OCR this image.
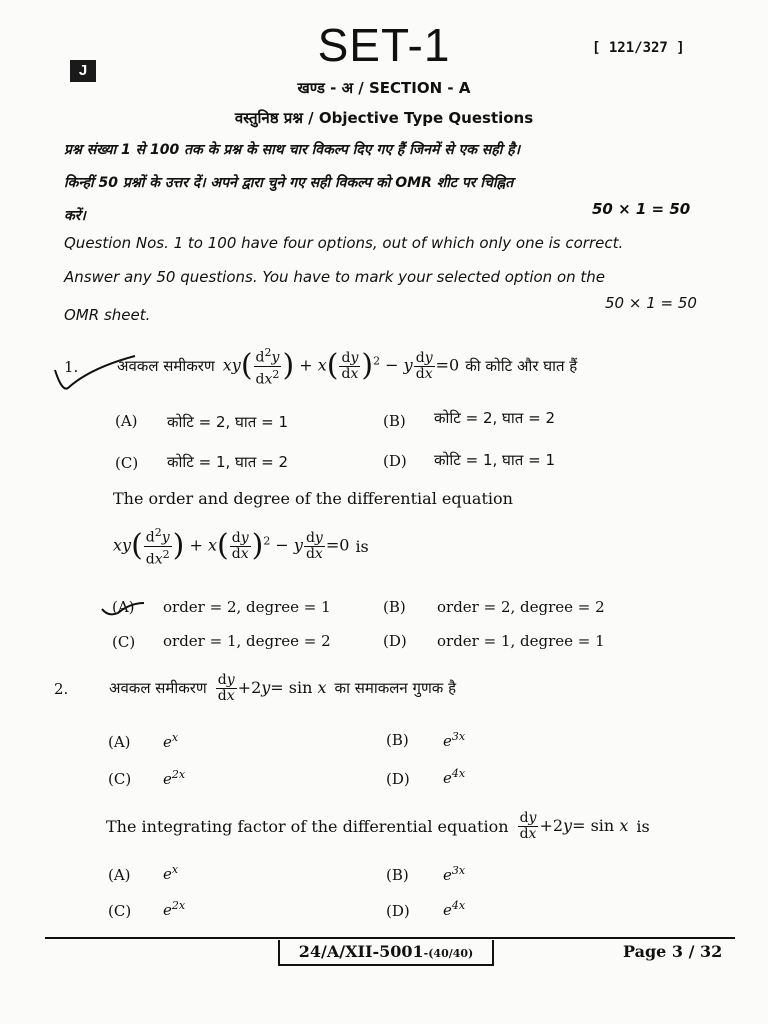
J	SET-1	[ 121/327 ]
खण्ड - अ / SECTION - A
वस्तुनिष्ठ प्रश्न / Objective Type Questions
प्रश्न संख्या 1 से 100 तक के प्रश्न के साथ चार विकल्प दिए गए हैं जिनमें से एक सही है।
किन्हीं 50 प्रश्नों के उत्तर दें। अपने द्वारा चुने गए सही विकल्प को OMR शीट पर चिह्नित
करें।	50 × 1 = 50
Question Nos. 1 to 100 have four options, out of which only one is correct.
Answer any 50 questions. You have to mark your selected option on the
50 × 1 = 50
OMR sheet.
1.	अवकल समीकरण $xy( \frac{d^2y}{dx^2}$ ) + $x( \frac{dy}{dx} )^2 - y \frac{dy}{dx} =0$ की कोटि और घात हैं
(A) कोटि = 2, घात = 1	(B) कोटि = 2, घात = 2
(C) कोटि = 1, घात = 2	(D) कोटि = 1, घात = 1
The order and degree of the differential equation
$xy( \frac{d^2y}{dx^2}$ ) + $x( \frac{dy}{dx} )^2 - y \frac{dy}{dx} =0$ is
(A) order = 2, degree = 1	(B) order = 2, degree = 2
(C) order = 1, degree = 2	(D) order = 1, degree = 1
2.	अवकल समीकरण $\frac{dy}{dx} +2y= \sin x$ का समाकलन गुणक है
(A) $e^x$	(B) $e^{3x}$
(C) $e^{2x}$	(D) $e^{4x}$
The integrating factor of the differential equation $\frac{dy}{dx} +2y= \sin x$ is
(A) $e^x$	(B) $e^{3x}$
(C) $e^{2x}$	(D) $e^{4x}$
24/A/XII-5001-(40/40)	Page 3 / 32
